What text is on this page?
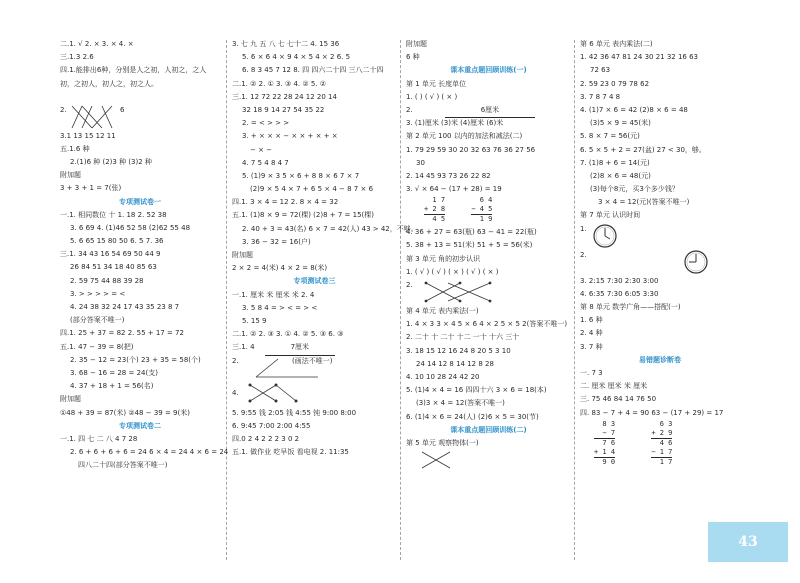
二.1. √ 2. × 3. × 4. ×
三.1.3 2.6
四.1.能排出6种，分别是人之初，人初之，之人初，之初人，初人之，初之人。
2.	6
3.1 13 15 12 11
五.1.6 种
2.(1)6 种 (2)3 种 (3)2 种
附加题
3 + 3 + 1 = 7(张)
专项测试卷一
一.1. 相同数位 十 1. 18 2. 52 38
3. 6 69 4. (1)46 52 58 (2)62 55 48
5. 6 65 15 80 50 6. 5 7. 36
三.1. 34 43 16 54 69 50 44 9
26 84 51 34 18 40 85 63
2. 59 75 44 88 39 28
3. > > > > = <
4. 24 38 32 24 17 43 35 23 8 7
(部分答案不唯一)
四.1. 25 + 37 = 82 2. 55 + 17 = 72
五.1. 47 − 39 = 8(把)
2. 35 − 12 = 23(个) 23 + 35 = 58(个)
3. 68 − 16 = 28 = 24(支)
4. 37 + 18 + 1 = 56(名)
附加题
①48 + 39 = 87(米) ②48 − 39 = 9(米)
专项测试卷二
一.1. 四 七 二 八 4 7 28
2. 6 + 6 + 6 + 6 = 24 6 × 4 = 24 4 × 6 = 24
四八二十四(部分答案不唯一)
3. 七 九 五 八 七 七十二 4. 15 36
5. 6 × 6 4 × 9 4 × 5 4 × 2 6. 5
6. 8 3 45 7 12 8. 四 四六二十四 三八二十四
二.1. ② 2. ① 3. ③ 4. ② 5. ②
三.1. 12 72 22 28 24 12 20 14
32 18 9 14 27 54 35 22
2. = < > > >
3. + × × × − × × + × + ×
− × −
4. 7 5 4 8 4 7
5. (1)9 × 3 5 × 6 + 8 8 × 6 7 × 7
(2)9 × 5 4 × 7 + 6 5 × 4 − 8 7 × 6
四.1. 3 × 4 = 12 2. 8 × 4 = 32
五.1. (1)8 × 9 = 72(棵) (2)8 + 7 = 15(棵)
2. 40 + 3 = 43(名) 6 × 7 = 42(人) 43 > 42，不够。
3. 36 − 32 = 16(户)
附加题
2 × 2 = 4(米) 4 × 2 = 8(米)
专项测试卷三
一.1. 厘米 米 厘米 米 2. 4
3. 5 8 4 = > < = > <
5. 15 9
二.1. ② 2. ③ 3. ① 4. ② 5. ③ 6. ③
三.1. 4	7厘米
2.	(画法不唯一)
4.
5. 9:55 钱 2:05 钱 4:55 钝 9:00 8:00
6. 9:45 7:00 2:00 4:55
四.0 2 4 2 2 2 3 0 2
五.1. 做作业 吃早饭 看电视 2. 11:35
附加题
6 种
课本重点题回顾训练(一)
第 1 单元 长度单位
1. ( ) ( √ ) ( × )
2.	6厘米
3. (1)厘米 (3)米 (4)厘米 (6)米
第 2 单元 100 以内的加法和减法(二)
1. 79 29 59 30 20 32 63 76 36 27 56
30
2. 14 45 93 73 26 22 82
3. √ × 64 − (17 + 28) = 19
1 7
+ 2 8
4 5

6 4
− 4 5
1 9
4. 36 + 27 = 63(瓶) 63 − 41 = 22(瓶)
5. 38 + 13 = 51(米) 51 + 5 = 56(米)
第 3 单元 角的初步认识
1. ( √ ) ( √ ) ( × ) ( √ ) ( × )
2.
第 4 单元 表内乘法(一)
1. 4 × 3 3 × 4 5 × 6 4 × 2 5 × 5 2(答案不唯一)
2. 二十 十 二十 十二 一十 十六 三十
3. 18 15 12 16 24 8 20 5 3 10
24 14 12 8 14 12 8 28
4. 10 10 28 24 42 20
5. (1)4 × 4 = 16 四四十六 3 × 6 = 18(本)
(3)3 × 4 = 12(答案不唯一)
6. (1)4 × 6 = 24(人) (2)6 × 5 = 30(节)
课本重点题回顾训练(二)
第 5 单元 观察物体(一)
第 6 单元 表内乘法(二)
1. 42 36 47 81 24 30 21 32 16 63
72 63
2. 59 23 0 79 78 62
3. 7 8 7 4 8
4. (1)7 × 6 = 42 (2)8 × 6 = 48
(3)5 × 9 = 45(米)
5. 8 × 7 = 56(元)
6. 5 × 5 + 2 = 27(盆) 27 < 30，够。
7. (1)8 + 6 = 14(元)
(2)8 × 6 = 48(元)
(3)每个8元，买3个多少钱？
3 × 4 = 12(元)(答案不唯一)
第 7 单元 认识时间
1.
2.
3. 2:15 7:30 2:30 3:00
4. 6:35 7:30 6:05 3:30
第 8 单元 数学广角——搭配(一)
1. 6 种
2. 4 种
3. 7 种
易错题诊断卷
一. 7 3
二. 厘米 厘米 米 厘米
三. 75 46 84 14 76 50
四. 83 − 7 + 4 = 90 63 − (17 + 29) = 17
8 3
− 7
7 6
+ 1 4
9 0

6 3
+ 2 9
4 6
− 1 7
1 7
43
